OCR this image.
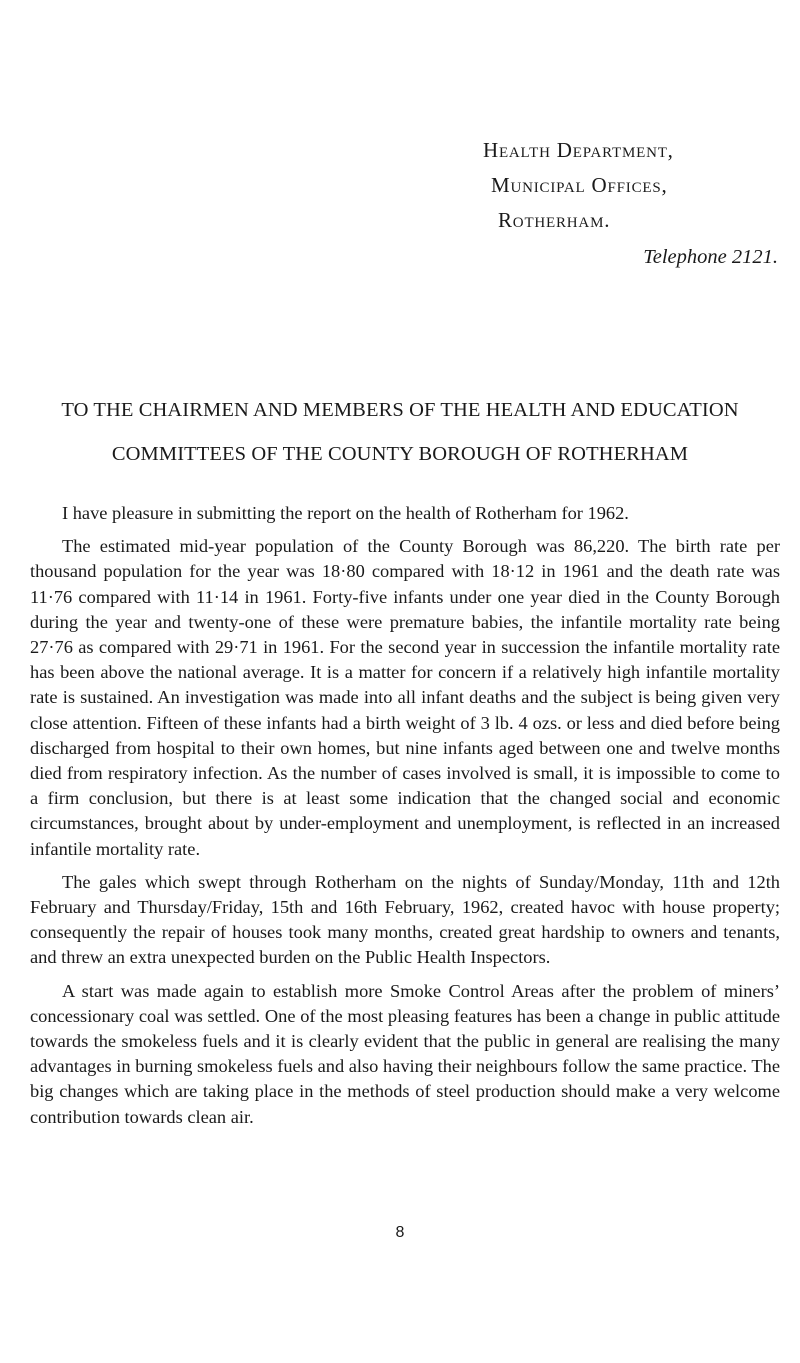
Health Department,
Municipal Offices,
Rotherham.
Telephone 2121.
TO THE CHAIRMEN AND MEMBERS OF THE HEALTH AND EDUCATION
COMMITTEES OF THE COUNTY BOROUGH OF ROTHERHAM

I have pleasure in submitting the report on the health of Rotherham for 1962.

The estimated mid-year population of the County Borough was 86,220. The birth rate per thousand population for the year was 18·80 compared with 18·12 in 1961 and the death rate was 11·76 compared with 11·14 in 1961. Forty-five infants under one year died in the County Borough during the year and twenty-one of these were premature babies, the infantile mortality rate being 27·76 as compared with 29·71 in 1961. For the second year in succession the infantile mortality rate has been above the national average. It is a matter for concern if a relatively high infantile mortality rate is sustained. An investigation was made into all infant deaths and the subject is being given very close attention. Fifteen of these infants had a birth weight of 3 lb. 4 ozs. or less and died before being discharged from hospital to their own homes, but nine infants aged between one and twelve months died from respiratory infection. As the number of cases involved is small, it is impossible to come to a firm conclusion, but there is at least some indication that the changed social and economic circumstances, brought about by under-employment and unemployment, is reflected in an increased infantile mortality rate.

The gales which swept through Rotherham on the nights of Sunday/Monday, 11th and 12th February and Thursday/Friday, 15th and 16th February, 1962, created havoc with house property; consequently the repair of houses took many months, created great hardship to owners and tenants, and threw an extra unexpected burden on the Public Health Inspectors.

A start was made again to establish more Smoke Control Areas after the problem of miners’ concessionary coal was settled. One of the most pleasing features has been a change in public attitude towards the smokeless fuels and it is clearly evident that the public in general are realising the many advantages in burning smokeless fuels and also having their neighbours follow the same practice. The big changes which are taking place in the methods of steel production should make a very welcome contribution towards clean air.

8
